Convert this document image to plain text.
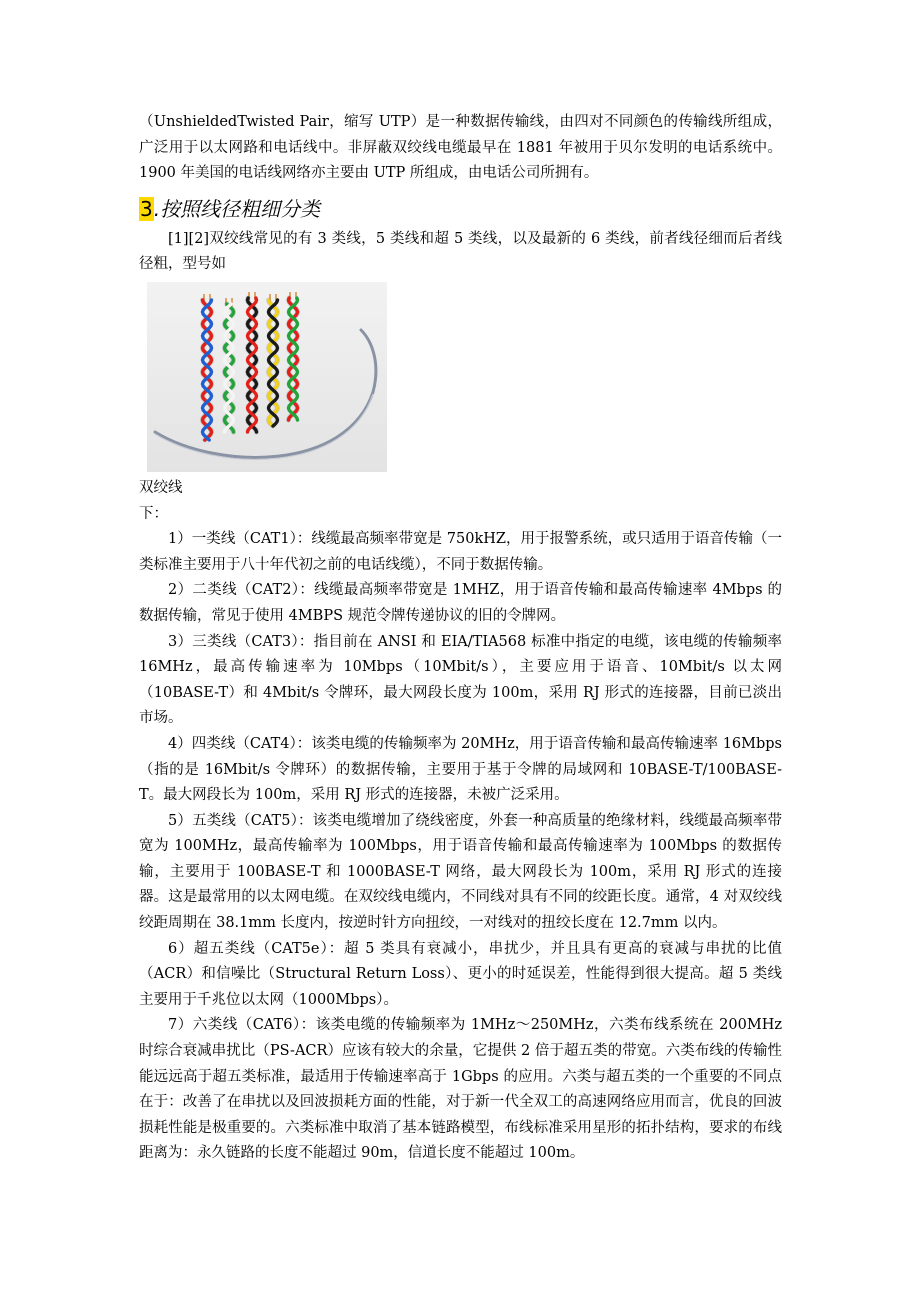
（UnshieldedTwisted Pair，缩写 UTP）是一种数据传输线，由四对不同颜色的传输线所组成，广泛用于以太网路和电话线中。非屏蔽双绞线电缆最早在 1881 年被用于贝尔发明的电话系统中。1900 年美国的电话线网络亦主要由 UTP 所组成，由电话公司所拥有。

3.按照线径粗细分类

[1][2]双绞线常见的有 3 类线，5 类线和超 5 类线，以及最新的 6 类线，前者线径细而后者线径粗，型号如

双绞线

下：

1）一类线（CAT1）：线缆最高频率带宽是 750kHZ，用于报警系统，或只适用于语音传输（一类标准主要用于八十年代初之前的电话线缆），不同于数据传输。

2）二类线（CAT2）：线缆最高频率带宽是 1MHZ，用于语音传输和最高传输速率 4Mbps 的数据传输，常见于使用 4MBPS 规范令牌传递协议的旧的令牌网。

3）三类线（CAT3）：指目前在 ANSI 和 EIA/TIA568 标准中指定的电缆，该电缆的传输频率 16MHz，最高传输速率为 10Mbps（10Mbit/s），主要应用于语音、10Mbit/s 以太网（10BASE-T）和 4Mbit/s 令牌环，最大网段长度为 100m，采用 RJ 形式的连接器，目前已淡出市场。

4）四类线（CAT4）：该类电缆的传输频率为 20MHz，用于语音传输和最高传输速率 16Mbps（指的是 16Mbit/s 令牌环）的数据传输，主要用于基于令牌的局域网和 10BASE-T/100BASE-T。最大网段长为 100m，采用 RJ 形式的连接器，未被广泛采用。

5）五类线（CAT5）：该类电缆增加了绕线密度，外套一种高质量的绝缘材料，线缆最高频率带宽为 100MHz，最高传输率为 100Mbps，用于语音传输和最高传输速率为 100Mbps 的数据传输，主要用于 100BASE-T 和 1000BASE-T 网络，最大网段长为 100m，采用 RJ 形式的连接器。这是最常用的以太网电缆。在双绞线电缆内，不同线对具有不同的绞距长度。通常，4 对双绞线绞距周期在 38.1mm 长度内，按逆时针方向扭绞，一对线对的扭绞长度在 12.7mm 以内。

6）超五类线（CAT5e）：超 5 类具有衰减小，串扰少，并且具有更高的衰减与串扰的比值（ACR）和信噪比（Structural Return Loss）、更小的时延误差，性能得到很大提高。超 5 类线主要用于千兆位以太网（1000Mbps）。

7）六类线（CAT6）：该类电缆的传输频率为 1MHz～250MHz，六类布线系统在 200MHz 时综合衰减串扰比（PS-ACR）应该有较大的余量，它提供 2 倍于超五类的带宽。六类布线的传输性能远远高于超五类标准，最适用于传输速率高于 1Gbps 的应用。六类与超五类的一个重要的不同点在于：改善了在串扰以及回波损耗方面的性能，对于新一代全双工的高速网络应用而言，优良的回波损耗性能是极重要的。六类标准中取消了基本链路模型，布线标准采用星形的拓扑结构，要求的布线距离为：永久链路的长度不能超过 90m，信道长度不能超过 100m。
